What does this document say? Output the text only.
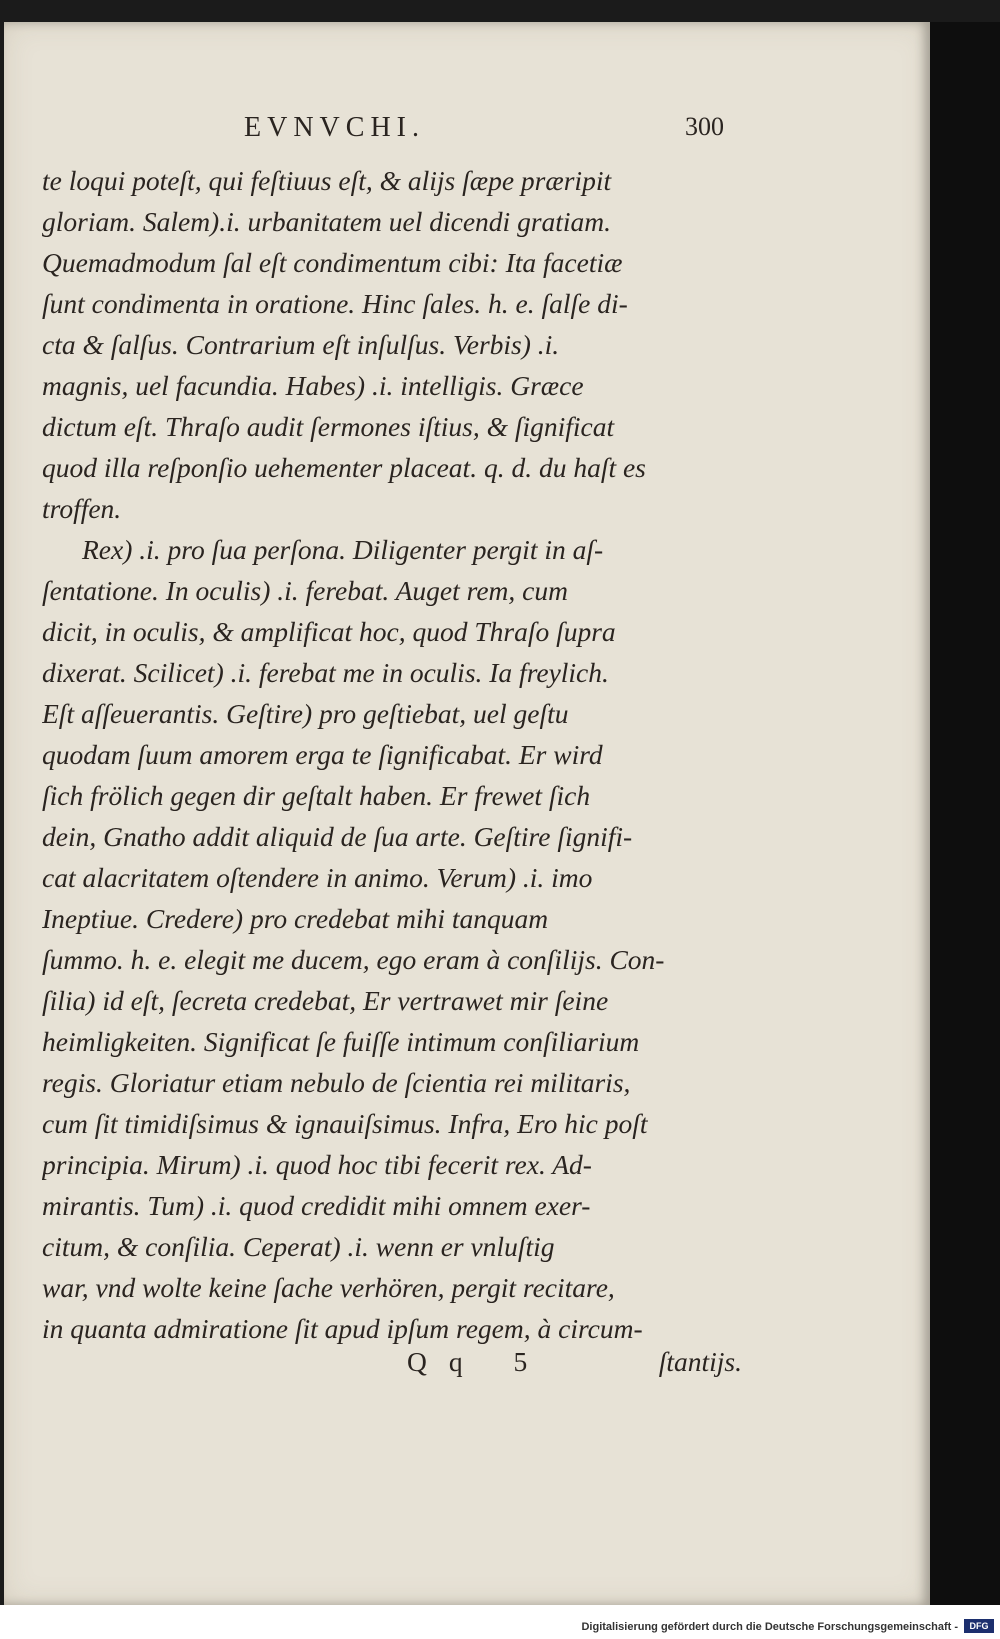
EVNVCHI.	300
te loqui poteſt, qui feſtiuus eſt, & alijs ſæpe præripit
gloriam. Salem).i. urbanitatem uel dicendi gratiam.
Quemadmodum ſal eſt condimentum cibi: Ita facetiæ
ſunt condimenta in oratione. Hinc ſales. h. e. ſalſe di-
cta & ſalſus. Contrarium eſt inſulſus. Verbis) .i.
magnis, uel facundia. Habes) .i. intelligis. Græce
dictum eſt. Thraſo audit ſermones iſtius, & ſignificat
quod illa reſponſio uehementer placeat. q. d. du haſt es
troffen.
Rex) .i. pro ſua perſona. Diligenter pergit in aſ-
ſentatione. In oculis) .i. ferebat. Auget rem, cum
dicit, in oculis, & amplificat hoc, quod Thraſo ſupra
dixerat. Scilicet) .i. ferebat me in oculis. Ia freylich.
Eſt aſſeuerantis. Geſtire) pro geſtiebat, uel geſtu
quodam ſuum amorem erga te ſignificabat. Er wird
ſich frölich gegen dir geſtalt haben. Er frewet ſich
dein, Gnatho addit aliquid de ſua arte. Geſtire ſignifi-
cat alacritatem oſtendere in animo. Verum) .i. imo
Ineptiue. Credere) pro credebat mihi tanquam
ſummo. h. e. elegit me ducem, ego eram à conſilijs. Con-
ſilia) id eſt, ſecreta credebat, Er vertrawet mir ſeine
heimligkeiten. Significat ſe fuiſſe intimum conſiliarium
regis. Gloriatur etiam nebulo de ſcientia rei militaris,
cum ſit timidiſsimus & ignauiſsimus. Infra, Ero hic poſt
principia. Mirum) .i. quod hoc tibi fecerit rex. Ad-
mirantis. Tum) .i. quod credidit mihi omnem exer-
citum, & conſilia. Ceperat) .i. wenn er vnluſtig
war, vnd wolte keine ſache verhören, pergit recitare,
in quanta admiratione ſit apud ipſum regem, à circum-
Qq 5	ſtantijs.
Digitalisierung gefördert durch die Deutsche Forschungsgemeinschaft -	DFG
